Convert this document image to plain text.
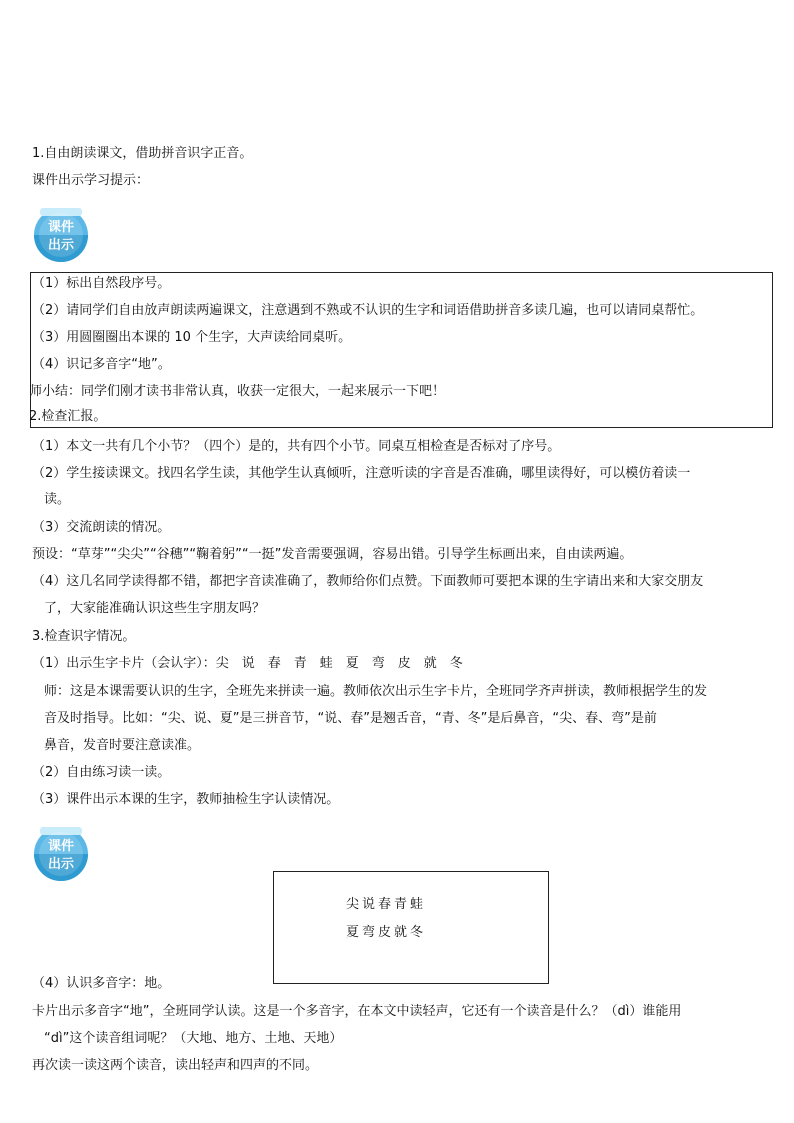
1.自由朗读课文，借助拼音识字正音。
课件出示学习提示：
课件
出示
（1）标出自然段序号。
（2）请同学们自由放声朗读两遍课文，注意遇到不熟或不认识的生字和词语借助拼音多读几遍，也可以请同桌帮忙。
（3）用圆圈圈出本课的 10 个生字，大声读给同桌听。
（4）识记多音字“地”。
师小结：同学们刚才读书非常认真，收获一定很大，一起来展示一下吧！
2.检查汇报。
（1）本文一共有几个小节？（四个）是的，共有四个小节。同桌互相检查是否标对了序号。
（2）学生接读课文。找四名学生读，其他学生认真倾听，注意听读的字音是否准确，哪里读得好，可以模仿着读一
读。
（3）交流朗读的情况。
预设：“草芽”“尖尖”“谷穗”“鞠着躬”“一挺”发音需要强调，容易出错。引导学生标画出来，自由读两遍。
（4）这几名同学读得都不错，都把字音读准确了，教师给你们点赞。下面教师可要把本课的生字请出来和大家交朋友
了，大家能准确认识这些生字朋友吗？
3.检查识字情况。
（1）出示生字卡片（会认字）：尖　说　春　青　蛙　夏　弯　皮　就　冬
师：这是本课需要认识的生字，全班先来拼读一遍。教师依次出示生字卡片，全班同学齐声拼读，教师根据学生的发
音及时指导。比如：“尖、说、夏”是三拼音节，“说、春”是翘舌音，“青、冬”是后鼻音，“尖、春、弯”是前
鼻音，发音时要注意读准。
（2）自由练习读一读。
（3）课件出示本课的生字，教师抽检生字认读情况。
课件
出示
尖说春青蛙
夏弯皮就冬
（4）认识多音字：地。
卡片出示多音字“地”，全班同学认读。这是一个多音字，在本文中读轻声，它还有一个读音是什么？（dì）谁能用
“dì”这个读音组词呢？（大地、地方、土地、天地）
再次读一读这两个读音，读出轻声和四声的不同。
